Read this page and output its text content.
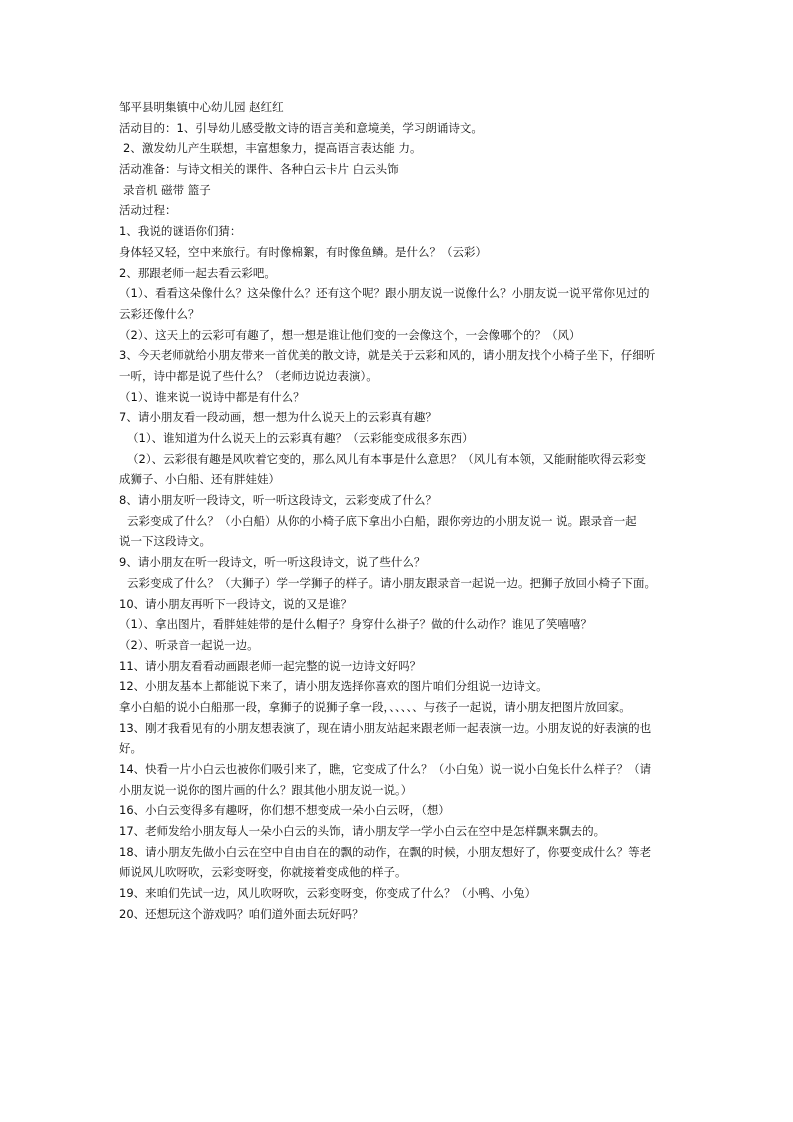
邹平县明集镇中心幼儿园 赵红红
活动目的：1、引导幼儿感受散文诗的语言美和意境美，学习朗诵诗文。
2、激发幼儿产生联想，丰富想象力，提高语言表达能 力。
活动准备：与诗文相关的课件、各种白云卡片 白云头饰
录音机 磁带 篮子
活动过程：
1、我说的谜语你们猜：
身体轻又轻，空中来旅行。有时像棉絮，有时像鱼鳞。是什么？（云彩）
2、那跟老师一起去看云彩吧。
（1）、看看这朵像什么？这朵像什么？还有这个呢？跟小朋友说一说像什么？小朋友说一说平常你见过的
云彩还像什么？
（2）、这天上的云彩可有趣了，想一想是谁让他们变的一会像这个，一会像哪个的？（风）
3、今天老师就给小朋友带来一首优美的散文诗，就是关于云彩和风的，请小朋友找个小椅子坐下，仔细听
一听，诗中都是说了些什么？（老师边说边表演）。
（1）、谁来说一说诗中都是有什么？
7、请小朋友看一段动画，想一想为什么说天上的云彩真有趣？
（1）、谁知道为什么说天上的云彩真有趣？（云彩能变成很多东西）
（2）、云彩很有趣是风吹着它变的，那么风儿有本事是什么意思？（风儿有本领，又能耐能吹得云彩变
成狮子、小白船、还有胖娃娃）
8、请小朋友听一段诗文，听一听这段诗文，云彩变成了什么？
云彩变成了什么？（小白船）从你的小椅子底下拿出小白船，跟你旁边的小朋友说一 说。跟录音一起
说一下这段诗文。
9、请小朋友在听一段诗文，听一听这段诗文，说了些什么？
云彩变成了什么？（大狮子）学一学狮子的样子。请小朋友跟录音一起说一边。把狮子放回小椅子下面。
10、请小朋友再听下一段诗文，说的又是谁？
（1）、拿出图片，看胖娃娃带的是什么帽子？身穿什么褂子？做的什么动作？谁见了笑嘻嘻？
（2）、听录音一起说一边。
11、请小朋友看看动画跟老师一起完整的说一边诗文好吗？
12、小朋友基本上都能说下来了，请小朋友选择你喜欢的图片咱们分组说一边诗文。
拿小白船的说小白船那一段，拿狮子的说狮子拿一段，、、、、、与孩子一起说，请小朋友把图片放回家。
13、刚才我看见有的小朋友想表演了，现在请小朋友站起来跟老师一起表演一边。小朋友说的好表演的也
好。
14、快看一片小白云也被你们吸引来了，瞧，它变成了什么？（小白兔）说一说小白兔长什么样子？（请
小朋友说一说你的图片画的什么？跟其他小朋友说一说。）
16、小白云变得多有趣呀，你们想不想变成一朵小白云呀，（想）
17、老师发给小朋友每人一朵小白云的头饰，请小朋友学一学小白云在空中是怎样飘来飘去的。
18、请小朋友先做小白云在空中自由自在的飘的动作，在飘的时候，小朋友想好了，你要变成什么？等老
师说风儿吹呀吹，云彩变呀变，你就接着变成他的样子。
19、来咱们先试一边，风儿吹呀吹，云彩变呀变，你变成了什么？（小鸭、小兔）
20、还想玩这个游戏吗？咱们道外面去玩好吗？
